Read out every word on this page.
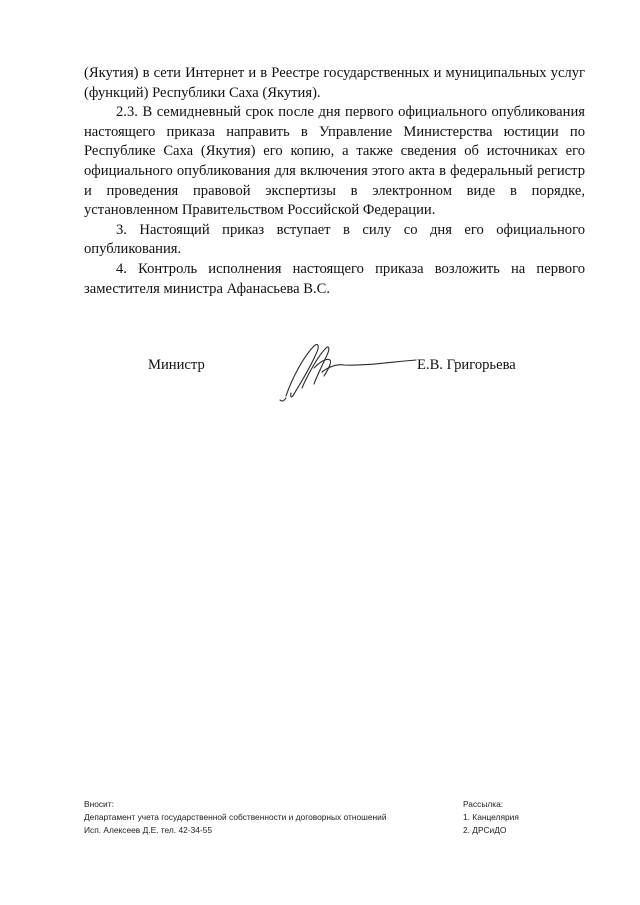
(Якутия) в сети Интернет и в Реестре государственных и муниципальных услуг (функций) Республики Саха (Якутия).

2.3. В семидневный срок после дня первого официального опубликования настоящего приказа направить в Управление Министерства юстиции по Республике Саха (Якутия) его копию, а также сведения об источниках его официального опубликования для включения этого акта в федеральный регистр и проведения правовой экспертизы в электронном виде в порядке, установленном Правительством Российской Федерации.

3. Настоящий приказ вступает в силу со дня его официального опубликования.

4. Контроль исполнения настоящего приказа возложить на первого заместителя министра Афанасьева В.С.

Министр	Е.В. Григорьева
Вносит:
Департамент учета государственной собственности и договорных отношений
Исп. Алексеев Д.Е. тел. 42-34-55
Рассылка:
1. Канцелярия
2. ДРСиДО
